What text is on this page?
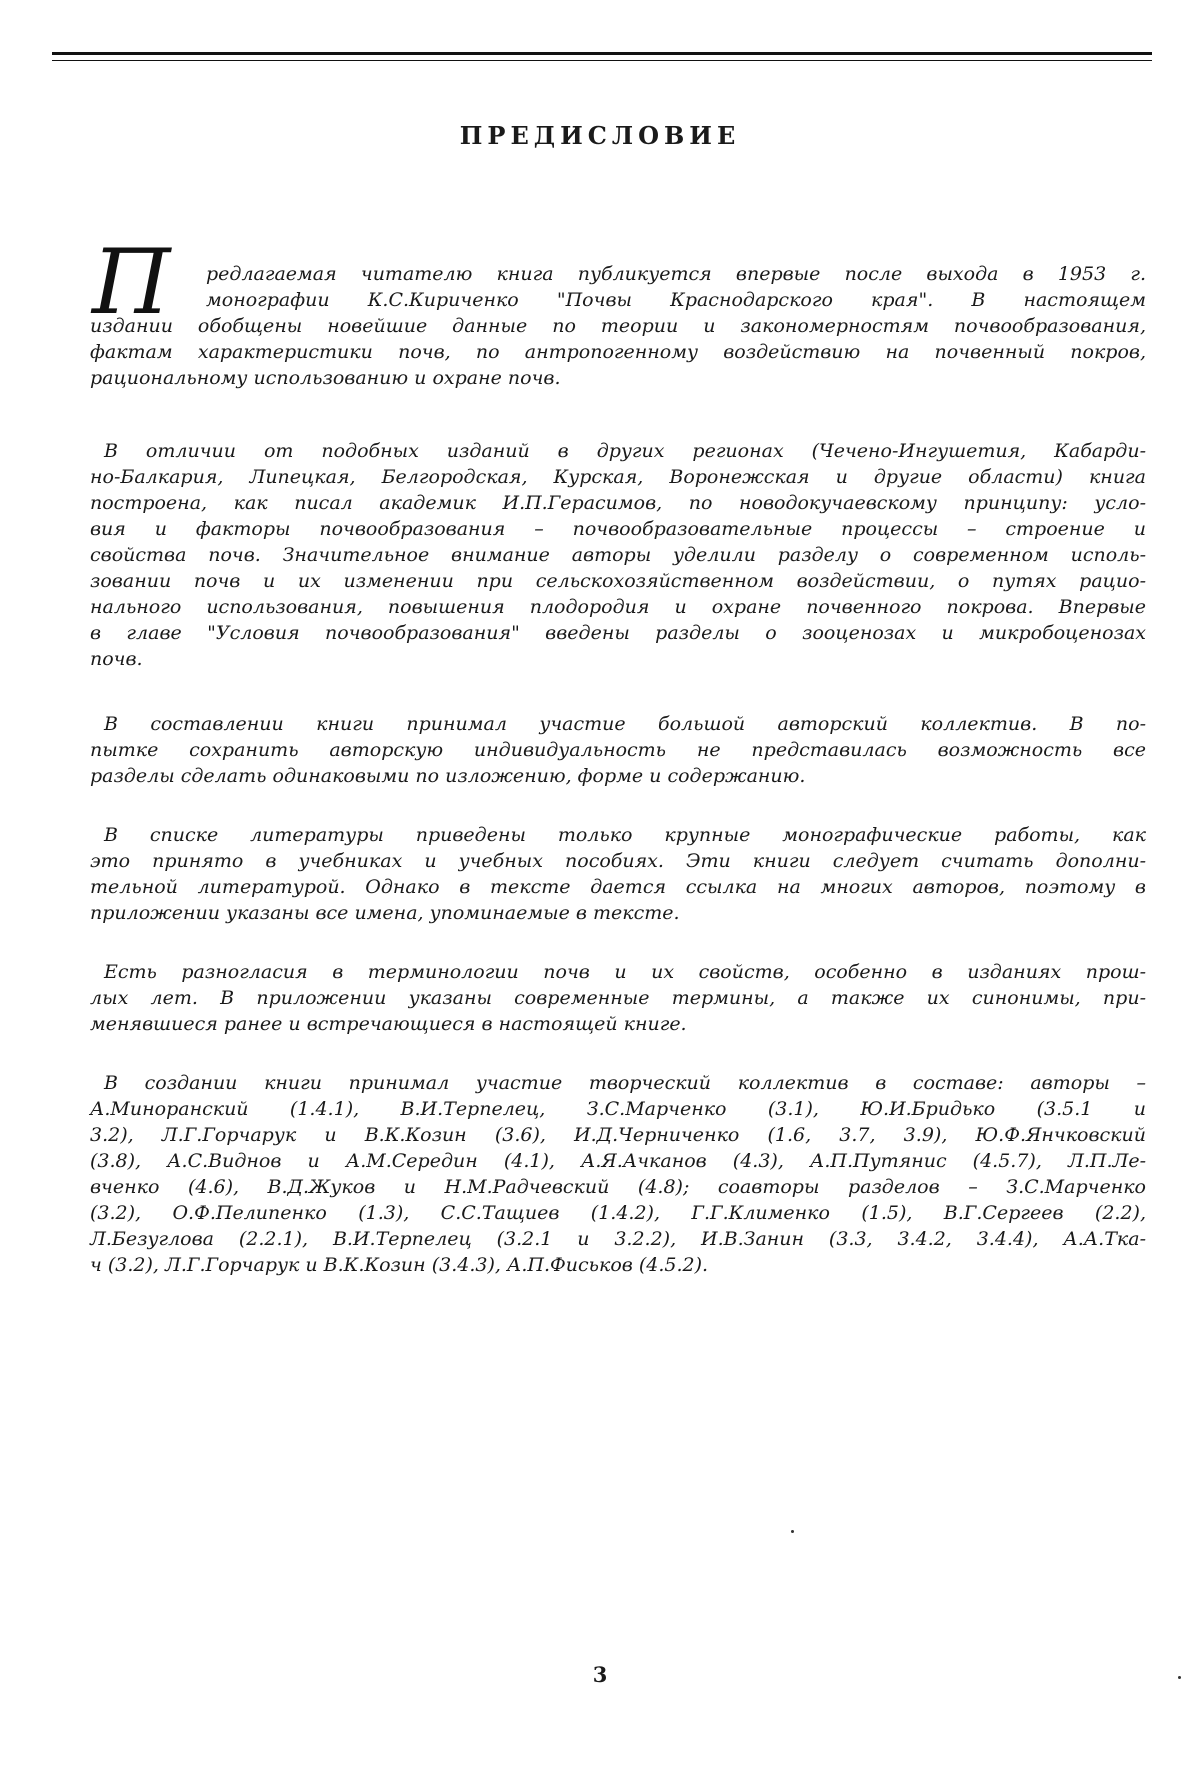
ПРЕДИСЛОВИЕ
П редлагаемая читателю книга публикуется впервые после выхода в 1953 г.
монографии К.С.Кириченко "Почвы Краснодарского края". В настоящем
издании обобщены новейшие данные по теории и закономерностям почвообразования,
фактам характеристики почв, по антропогенному воздействию на почвенный покров,
рациональному использованию и охране почв.
В отличии от подобных изданий в других регионах (Чечено-Ингушетия, Кабарди-
но-Балкария, Липецкая, Белгородская, Курская, Воронежская и другие области) книга
построена, как писал академик И.П.Герасимов, по новодокучаевскому принципу: усло-
вия и факторы почвообразования – почвообразовательные процессы – строение и
свойства почв. Значительное внимание авторы уделили разделу о современном исполь-
зовании почв и их изменении при сельскохозяйственном воздействии, о путях рацио-
нального использования, повышения плодородия и охране почвенного покрова. Впервые
в главе "Условия почвообразования" введены разделы о зооценозах и микробоценозах
почв.
В составлении книги принимал участие большой авторский коллектив. В по-
пытке сохранить авторскую индивидуальность не представилась возможность все
разделы сделать одинаковыми по изложению, форме и содержанию.
В списке литературы приведены только крупные монографические работы, как
это принято в учебниках и учебных пособиях. Эти книги следует считать дополни-
тельной литературой. Однако в тексте дается ссылка на многих авторов, поэтому в
приложении указаны все имена, упоминаемые в тексте.
Есть разногласия в терминологии почв и их свойств, особенно в изданиях прош-
лых лет. В приложении указаны современные термины, а также их синонимы, при-
менявшиеся ранее и встречающиеся в настоящей книге.
В создании книги принимал участие творческий коллектив в составе: авторы –
А.Минорaнский (1.4.1), В.И.Терпелец, З.С.Марченко (3.1), Ю.И.Бридько (3.5.1 и
3.2), Л.Г.Горчарук и В.К.Козин (3.6), И.Д.Черниченко (1.6, 3.7, 3.9), Ю.Ф.Янчковский
(3.8), А.С.Виднов и А.М.Середин (4.1), А.Я.Ачканов (4.3), А.П.Путянис (4.5.7), Л.П.Ле-
вченко (4.6), В.Д.Жуков и Н.М.Радчевский (4.8); соавторы разделов – З.С.Марченко
(3.2), О.Ф.Пелипенко (1.3), С.С.Тащиев (1.4.2), Г.Г.Клименко (1.5), В.Г.Сергеев (2.2),
Л.Безуглова (2.2.1), В.И.Терпелец (3.2.1 и 3.2.2), И.В.Занин (3.3, 3.4.2, 3.4.4), А.А.Тка-
ч (3.2), Л.Г.Горчарук и В.К.Козин (3.4.3), А.П.Фиськов (4.5.2).
3
